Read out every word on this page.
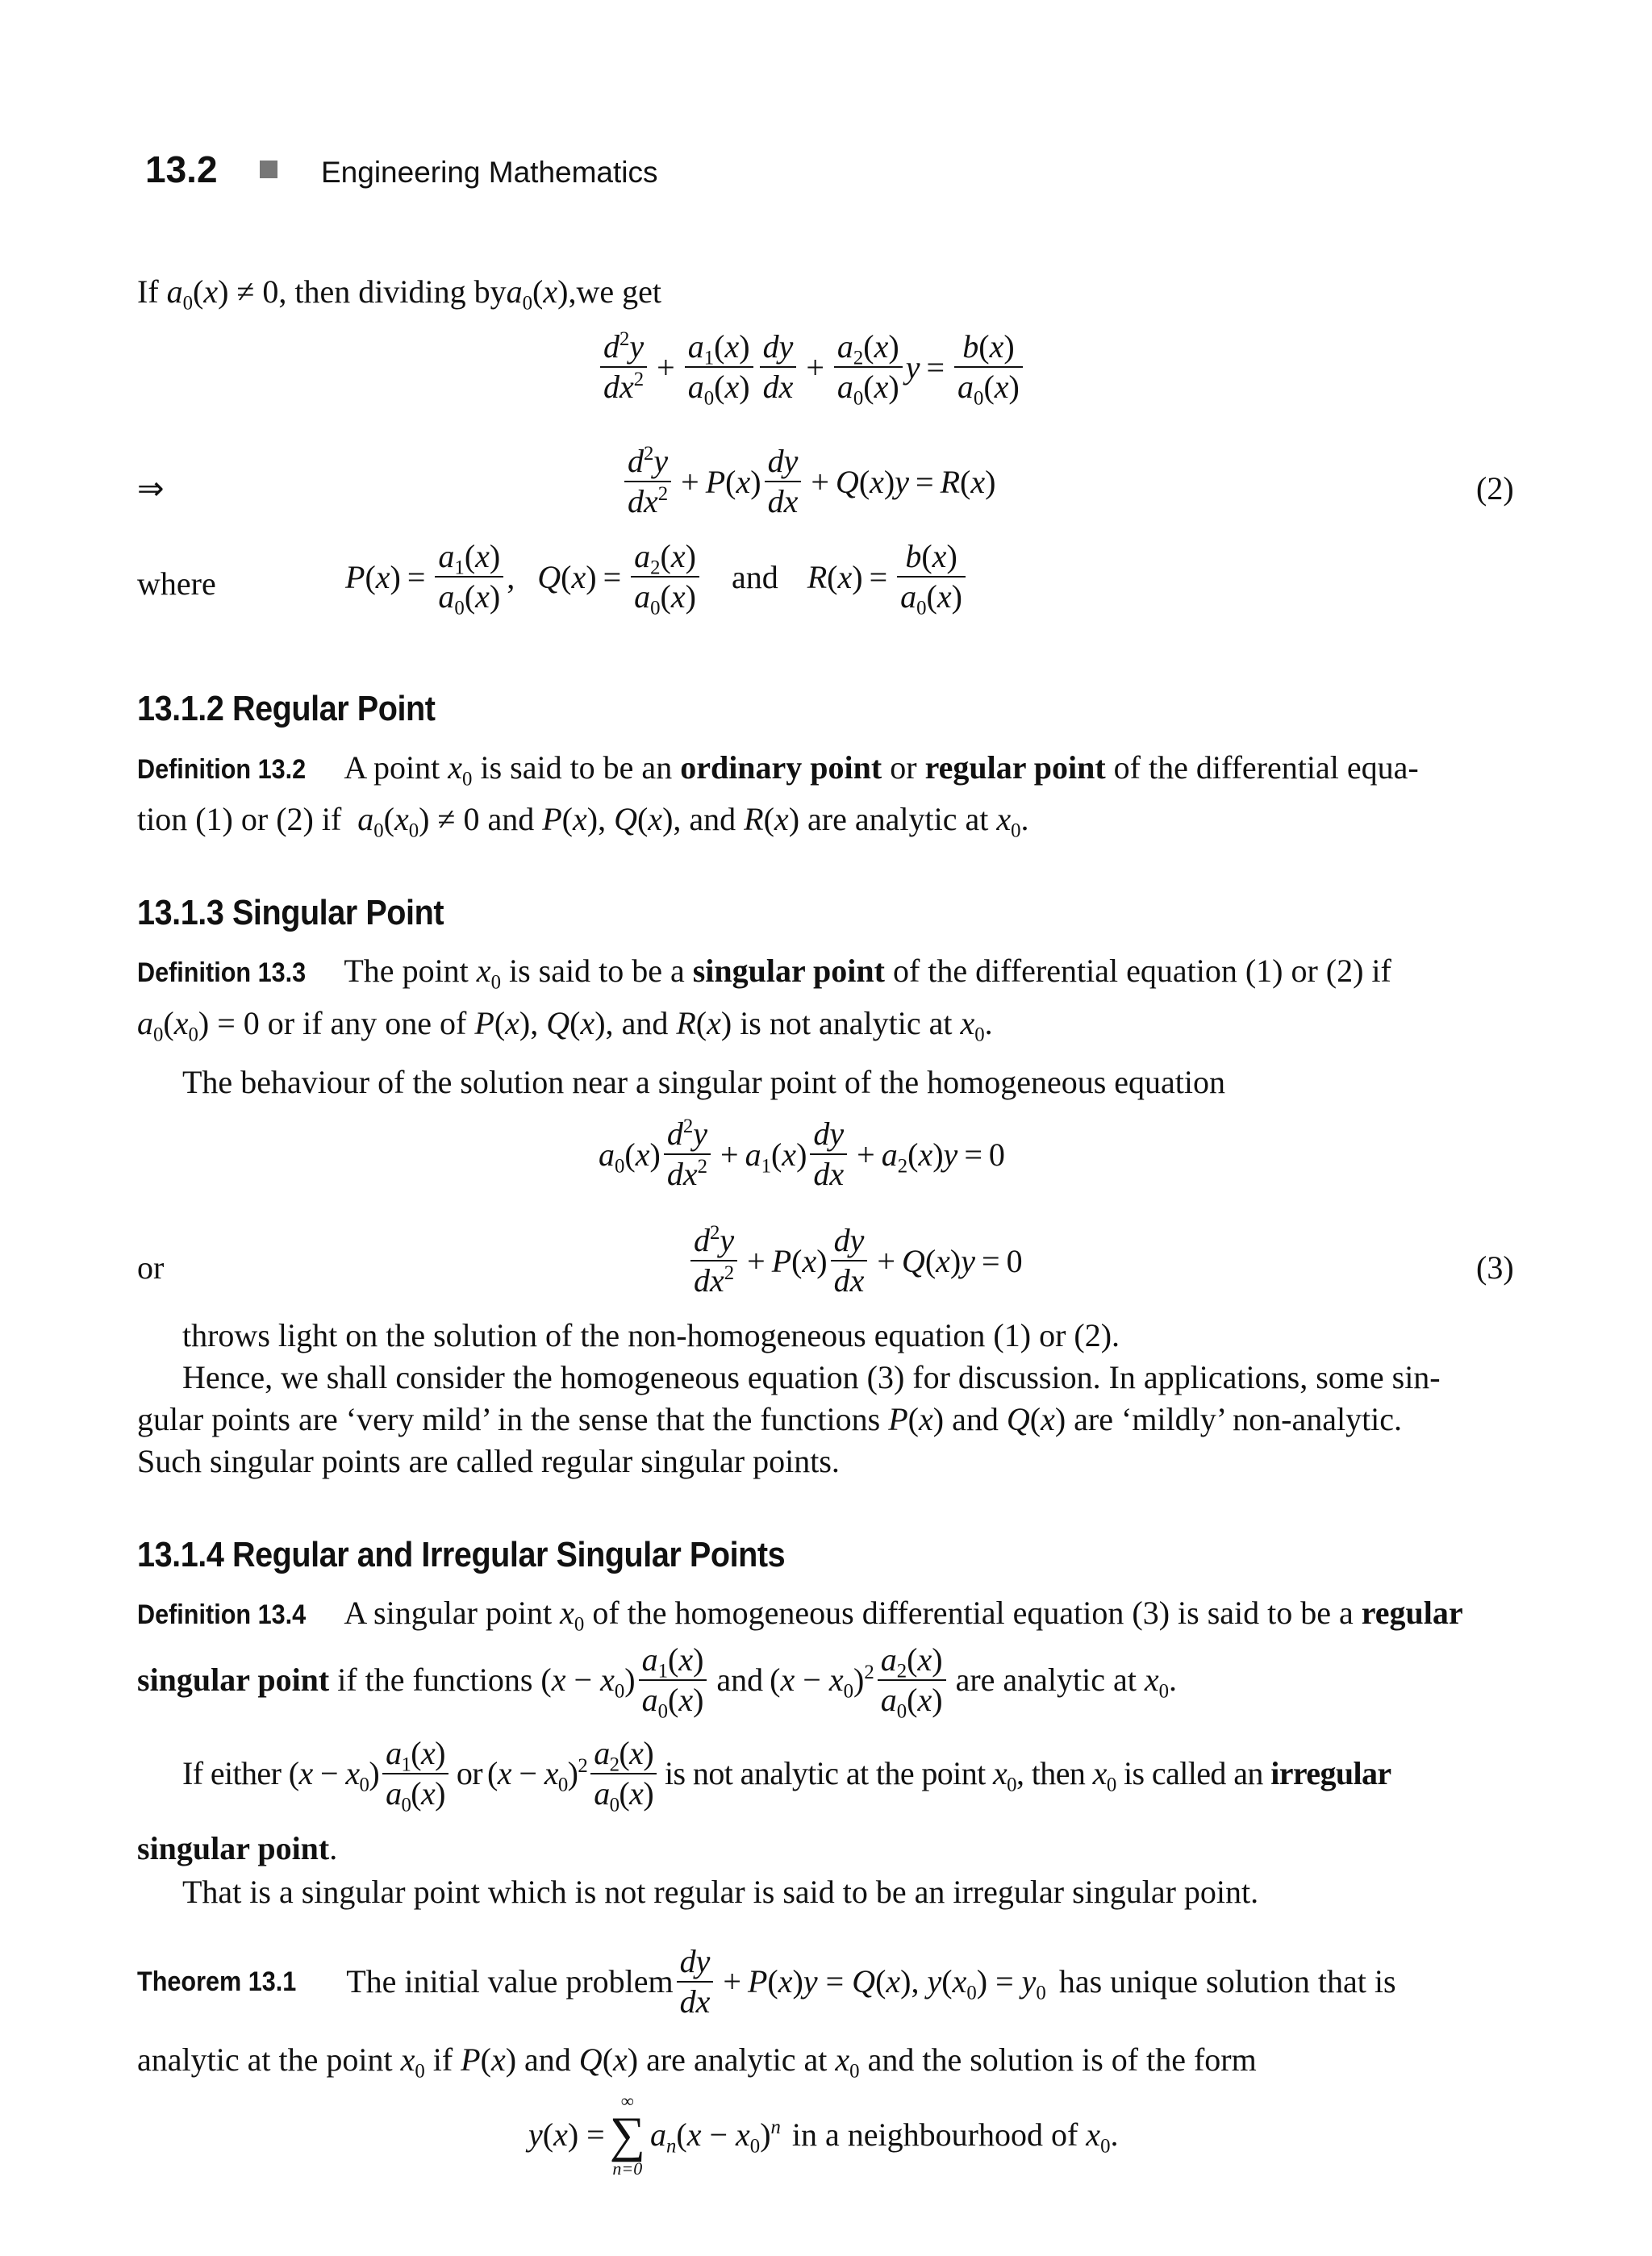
13.2	Engineering Mathematics
If $a_0(x) \ne 0$, then dividing bya$_0$(x),we get
$\frac{d^2y}{dx^2} + \frac{a_1(x)}{a_0(x)} \frac{dy}{dx} + \frac{a_2(x)}{a_0(x)}$ $y = \frac{b(x)}{a_0(x)}$
⇒	$\frac{d^2y}{dx^2} + P(x) \frac{dy}{dx} + Q(x)y = R(x)$	(2)
where	$P(x) = \frac{a_1(x)}{a_0(x)}$ , $Q(x) = \frac{a_2(x)}{a_0(x)}$ and $R(x) = \frac{b(x)}{a_0(x)}$
13.1.2 Regular Point
Definition 13.2 A point $x_0$ is said to be an ordinary point or regular point of the differential equa-
tion (1) or (2) if $a_0(x_0) \ne 0$ and P(x), Q(x), and R(x) are analytic at $x_0$.
13.1.3 Singular Point
Definition 13.3 The point $x_0$ is said to be a singular point of the differential equation (1) or (2) if
$a_0(x_0) = 0$ or if any one of P(x), Q(x), and R(x) is not analytic at $x_0$.
The behaviour of the solution near a singular point of the homogeneous equation
$a_0(x) \frac{d^2y}{dx^2} + a_1(x) \frac{dy}{dx} + a_2(x)y = 0$
or	$\frac{d^2y}{dx^2} + P(x) \frac{dy}{dx} + Q(x)y = 0$	(3)
throws light on the solution of the non-homogeneous equation (1) or (2).
Hence, we shall consider the homogeneous equation (3) for discussion. In applications, some sin-
gular points are ‘very mild’ in the sense that the functions P(x) and Q(x) are ‘mildly’ non-analytic.
Such singular points are called regular singular points.
13.1.4 Regular and Irregular Singular Points
Definition 13.4 A singular point $x_0$ of the homogeneous differential equation (3) is said to be a regular
singular point
if the functions
$(x - x_0) \frac{a_1(x)}{a_0(x)}$ and $(x - x_0)^2 \frac{a_2(x)}{a_0(x)}$ are analytic at
$x_0$.
If either
$(x - x_0) \frac{a_1(x)}{a_0(x)}$ or $(x - x_0)^2 \frac{a_2(x)}{a_0(x)}$ is not analytic at the point
$x_0$ , then
$x_0$
is called an
irregular
singular point.
That is a singular point which is not regular is said to be an irregular singular point.
Theorem 13.1 The initial value problem $\frac{dy}{dx} + P(x)y = Q(x)$, $y(x_0) = y_0$ has unique solution that is
analytic at the point $x_0$ if P(x) and Q(x) are analytic at $x_0$ and the solution is of the form
y(x) =
∞
∑
n=0
$a_n(x - x_0)^n$ in a neighbourhood of
$x_0$.
